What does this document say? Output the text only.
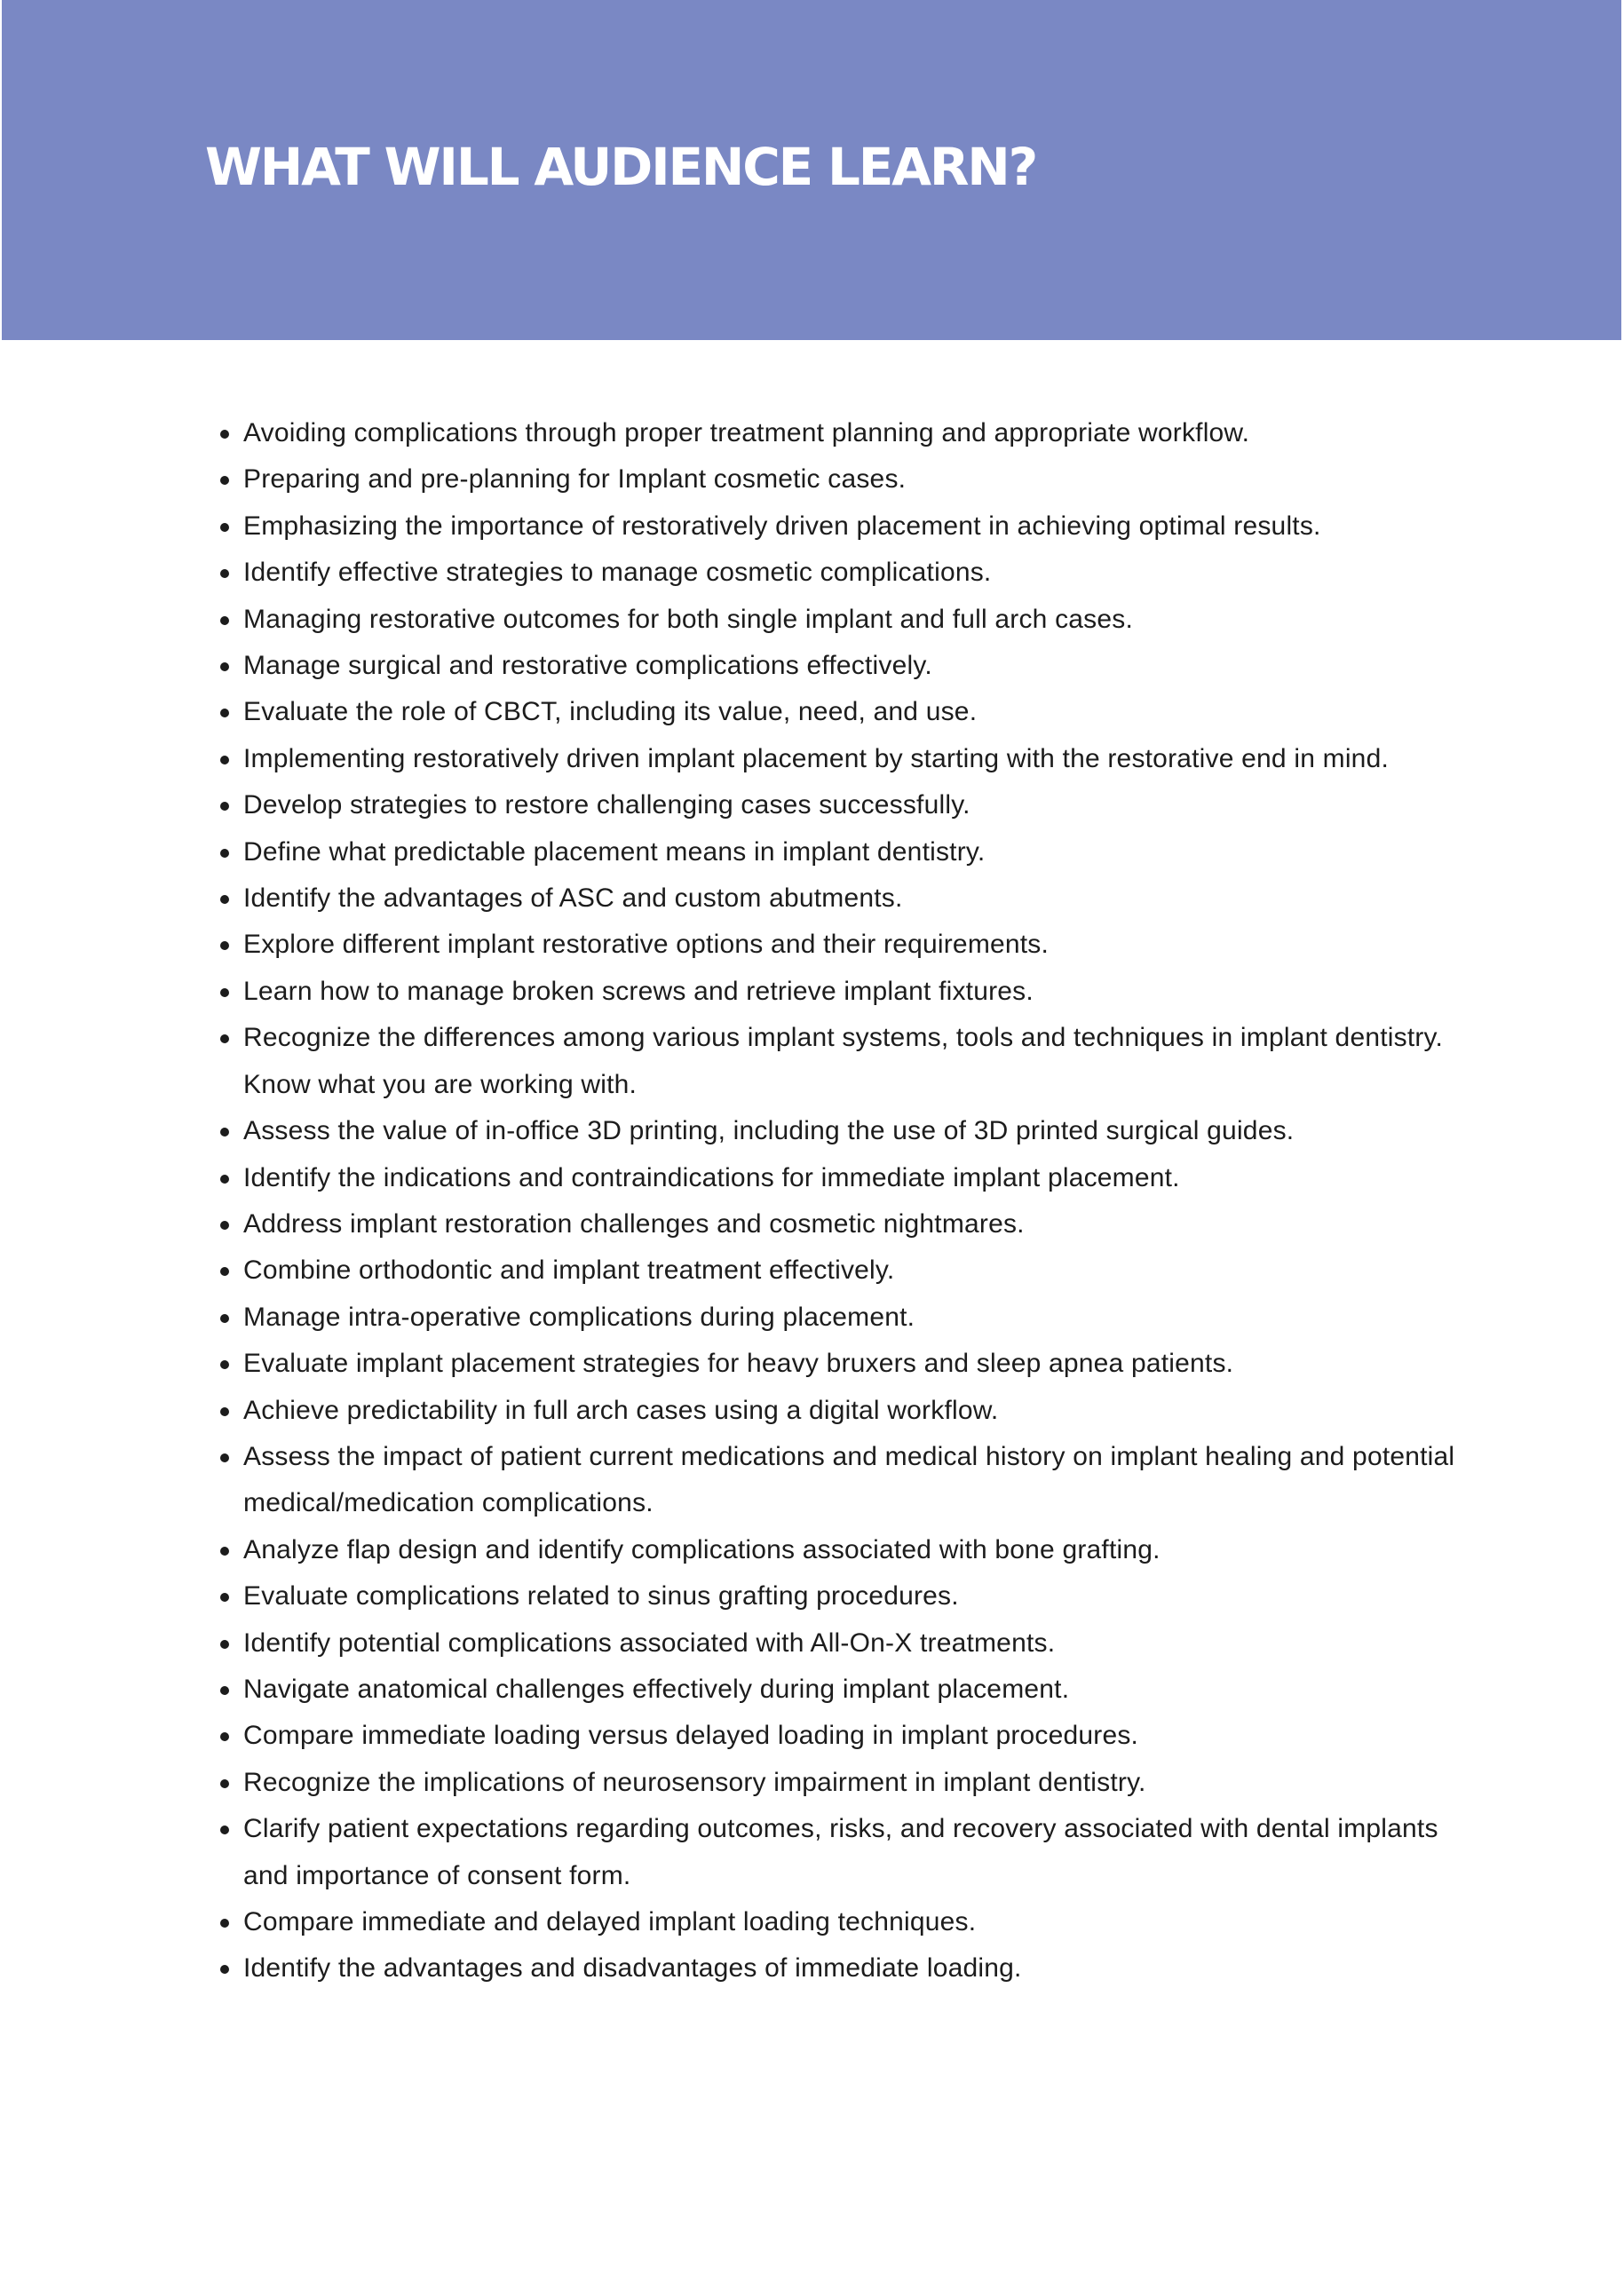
WHAT WILL AUDIENCE LEARN?
Avoiding complications through proper treatment planning and appropriate workflow.
Preparing and pre-planning for Implant cosmetic cases.
Emphasizing the importance of restoratively driven placement in achieving optimal results.
Identify effective strategies to manage cosmetic complications.
Managing restorative outcomes for both single implant and full arch cases.
Manage surgical and restorative complications effectively.
Evaluate the role of CBCT, including its value, need, and use.
Implementing restoratively driven implant placement by starting with the restorative end in mind.
Develop strategies to restore challenging cases successfully.
Define what predictable placement means in implant dentistry.
Identify the advantages of ASC and custom abutments.
Explore different implant restorative options and their requirements.
Learn how to manage broken screws and retrieve implant fixtures.
Recognize the differences among various implant systems, tools and techniques in implant dentistry. Know what you are working with.
Assess the value of in-office 3D printing, including the use of 3D printed surgical guides.
Identify the indications and contraindications for immediate implant placement.
Address implant restoration challenges and cosmetic nightmares.
Combine orthodontic and implant treatment effectively.
Manage intra-operative complications during placement.
Evaluate implant placement strategies for heavy bruxers and sleep apnea patients.
Achieve predictability in full arch cases using a digital workflow.
Assess the impact of patient current medications and medical history on implant healing and potential medical/medication complications.
Analyze flap design and identify complications associated with bone grafting.
Evaluate complications related to sinus grafting procedures.
Identify potential complications associated with All-On-X treatments.
Navigate anatomical challenges effectively during implant placement.
Compare immediate loading versus delayed loading in implant procedures.
Recognize the implications of neurosensory impairment in implant dentistry.
Clarify patient expectations regarding outcomes, risks, and recovery associated with dental implants and importance of consent form.
Compare immediate and delayed implant loading techniques.
Identify the advantages and disadvantages of immediate loading.
